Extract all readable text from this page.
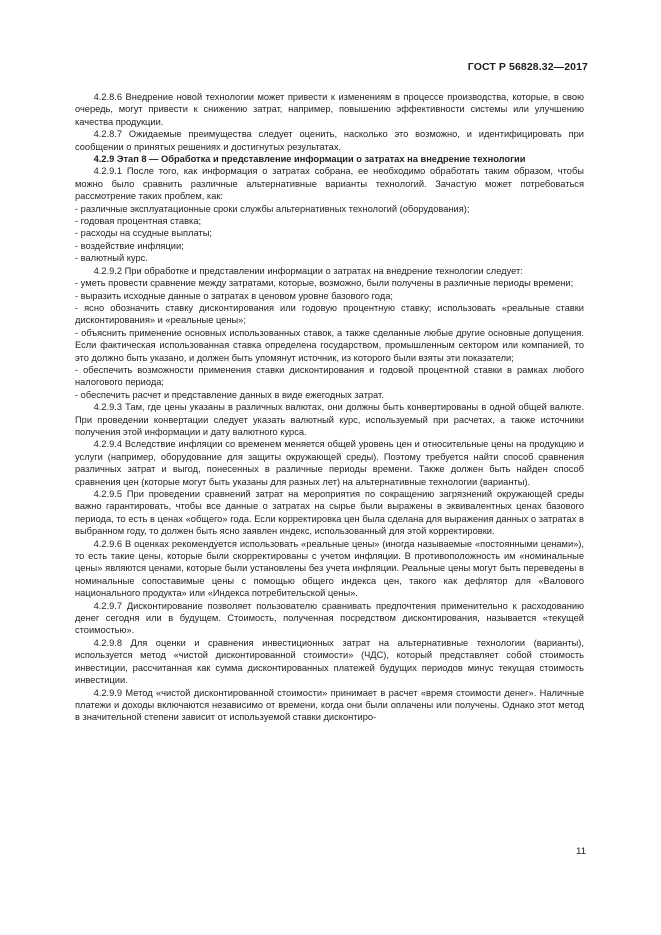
ГОСТ Р 56828.32—2017

4.2.8.6 Внедрение новой технологии может привести к изменениям в процессе производства, которые, в свою очередь, могут привести к снижению затрат, например, повышению эффективности системы или улучшению качества продукции.

4.2.8.7 Ожидаемые преимущества следует оценить, насколько это возможно, и идентифицировать при сообщении о принятых решениях и достигнутых результатах.

4.2.9 Этап 8 — Обработка и представление информации о затратах на внедрение технологии

4.2.9.1 После того, как информация о затратах собрана, ее необходимо обработать таким образом, чтобы можно было сравнить различные альтернативные варианты технологий. Зачастую может потребоваться рассмотрение таких проблем, как:

- различные эксплуатационные сроки службы альтернативных технологий (оборудования);

- годовая процентная ставка;

- расходы на ссудные выплаты;

- воздействие инфляции;

- валютный курс.

4.2.9.2 При обработке и представлении информации о затратах на внедрение технологии следует:

- уметь провести сравнение между затратами, которые, возможно, были получены в различные периоды времени;

- выразить исходные данные о затратах в ценовом уровне базового года;

- ясно обозначить ставку дисконтирования или годовую процентную ставку; использовать «реальные ставки дисконтирования» и «реальные цены»;

- объяснить применение основных использованных ставок, а также сделанные любые другие основные допущения. Если фактическая использованная ставка определена государством, промышленным сектором или компанией, то это должно быть указано, и должен быть упомянут источник, из которого были взяты эти показатели;

- обеспечить возможности применения ставки дисконтирования и годовой процентной ставки в рамках любого налогового периода;

- обеспечить расчет и представление данных в виде ежегодных затрат.

4.2.9.3 Там, где цены указаны в различных валютах, они должны быть конвертированы в одной общей валюте. При проведении конвертации следует указать валютный курс, используемый при расчетах, а также источники получения этой информации и дату валютного курса.

4.2.9.4 Вследствие инфляции со временем меняется общей уровень цен и относительные цены на продукцию и услуги (например, оборудование для защиты окружающей среды). Поэтому требуется найти способ сравнения различных затрат и выгод, понесенных в различные периоды времени. Также должен быть найден способ сравнения цен (которые могут быть указаны для разных лет) на альтернативные технологии (варианты).

4.2.9.5 При проведении сравнений затрат на мероприятия по сокращению загрязнений окружающей среды важно гарантировать, чтобы все данные о затратах на сырье были выражены в эквивалентных ценах базового периода, то есть в ценах «общего» года. Если корректировка цен была сделана для выражения данных о затратах в выбранном году, то должен быть ясно заявлен индекс, использованный для этой корректировки.

4.2.9.6 В оценках рекомендуется использовать «реальные цены» (иногда называемые «постоянными ценами»), то есть такие цены, которые были скорректированы с учетом инфляции. В противоположность им «номинальные цены» являются ценами, которые были установлены без учета инфляции. Реальные цены могут быть переведены в номинальные сопоставимые цены с помощью общего индекса цен, такого как дефлятор для «Валового национального продукта» или «Индекса потребительской цены».

4.2.9.7 Дисконтирование позволяет пользователю сравнивать предпочтения применительно к расходованию денег сегодня или в будущем. Стоимость, полученная посредством дисконтирования, называется «текущей стоимостью».

4.2.9.8 Для оценки и сравнения инвестиционных затрат на альтернативные технологии (варианты), используется метод «чистой дисконтированной стоимости» (ЧДС), который представляет собой стоимость инвестиции, рассчитанная как сумма дисконтированных платежей будущих периодов минус текущая стоимость инвестиции.

4.2.9.9 Метод «чистой дисконтированной стоимости» принимает в расчет «время стоимости денег». Наличные платежи и доходы включаются независимо от времени, когда они были оплачены или получены. Однако этот метод в значительной степени зависит от используемой ставки дисконтиро-

11
